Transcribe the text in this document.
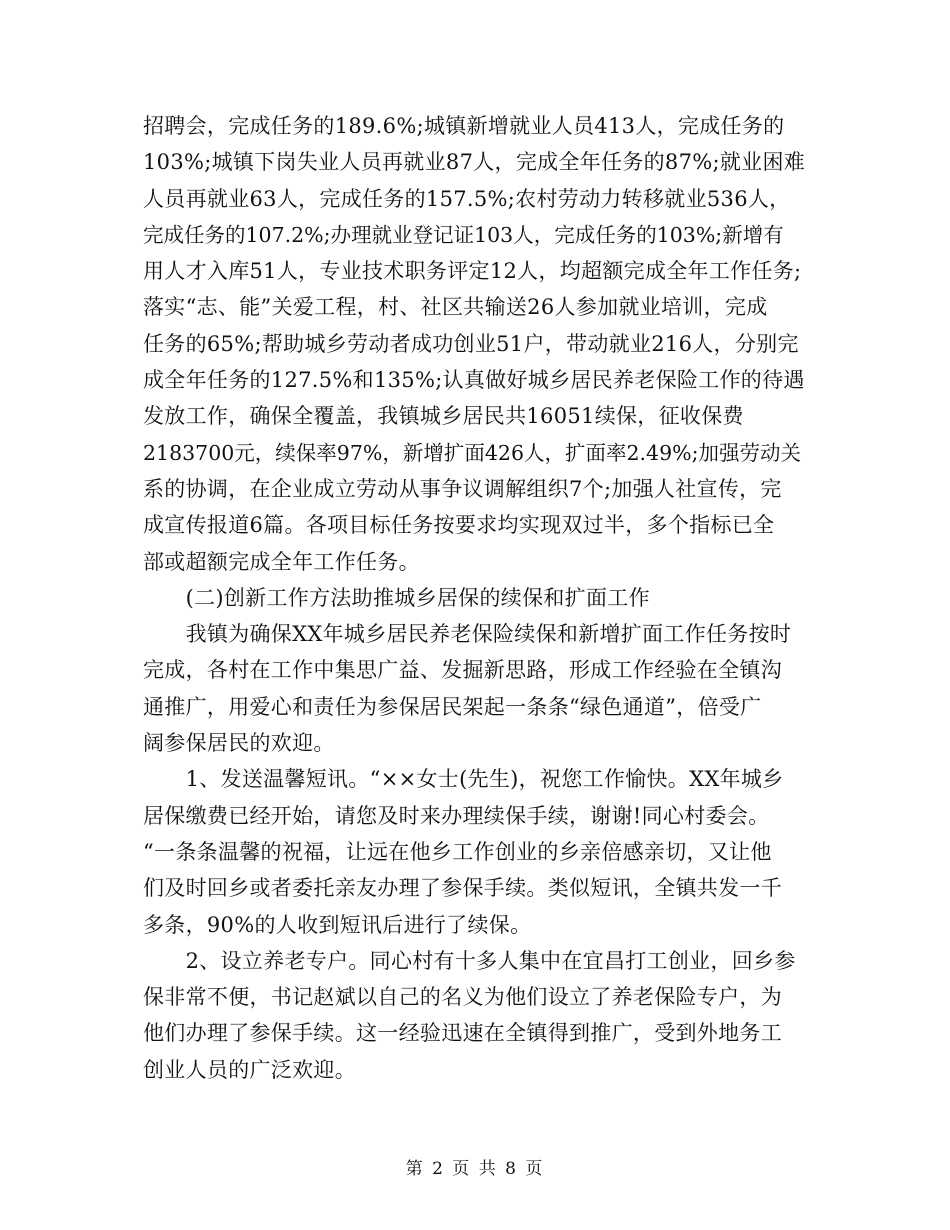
招聘会，完成任务的189.6%;城镇新增就业人员413人，完成任务的
103%;城镇下岗失业人员再就业87人，完成全年任务的87%;就业困难
人员再就业63人，完成任务的157.5%;农村劳动力转移就业536人，
完成任务的107.2%;办理就业登记证103人，完成任务的103%;新增有
用人才入库51人，专业技术职务评定12人，均超额完成全年工作任务;
落实“志、能”关爱工程，村、社区共输送26人参加就业培训，完成
任务的65%;帮助城乡劳动者成功创业51户，带动就业216人，分别完
成全年任务的127.5%和135%;认真做好城乡居民养老保险工作的待遇
发放工作，确保全覆盖，我镇城乡居民共16051续保，征收保费
2183700元，续保率97%，新增扩面426人，扩面率2.49%;加强劳动关
系的协调，在企业成立劳动从事争议调解组织7个;加强人社宣传，完
成宣传报道6篇。各项目标任务按要求均实现双过半，多个指标已全
部或超额完成全年工作任务。
　　(二)创新工作方法助推城乡居保的续保和扩面工作
　　我镇为确保XX年城乡居民养老保险续保和新增扩面工作任务按时
完成，各村在工作中集思广益、发掘新思路，形成工作经验在全镇沟
通推广，用爱心和责任为参保居民架起一条条“绿色通道”，倍受广
阔参保居民的欢迎。
　　1、发送温馨短讯。“××女士(先生)，祝您工作愉快。XX年城乡
居保缴费已经开始，请您及时来办理续保手续，谢谢!同心村委会。
“一条条温馨的祝福，让远在他乡工作创业的乡亲倍感亲切，又让他
们及时回乡或者委托亲友办理了参保手续。类似短讯，全镇共发一千
多条，90%的人收到短讯后进行了续保。
　　2、设立养老专户。同心村有十多人集中在宜昌打工创业，回乡参
保非常不便，书记赵斌以自己的名义为他们设立了养老保险专户，为
他们办理了参保手续。这一经验迅速在全镇得到推广，受到外地务工
创业人员的广泛欢迎。
第 2 页 共 8 页
